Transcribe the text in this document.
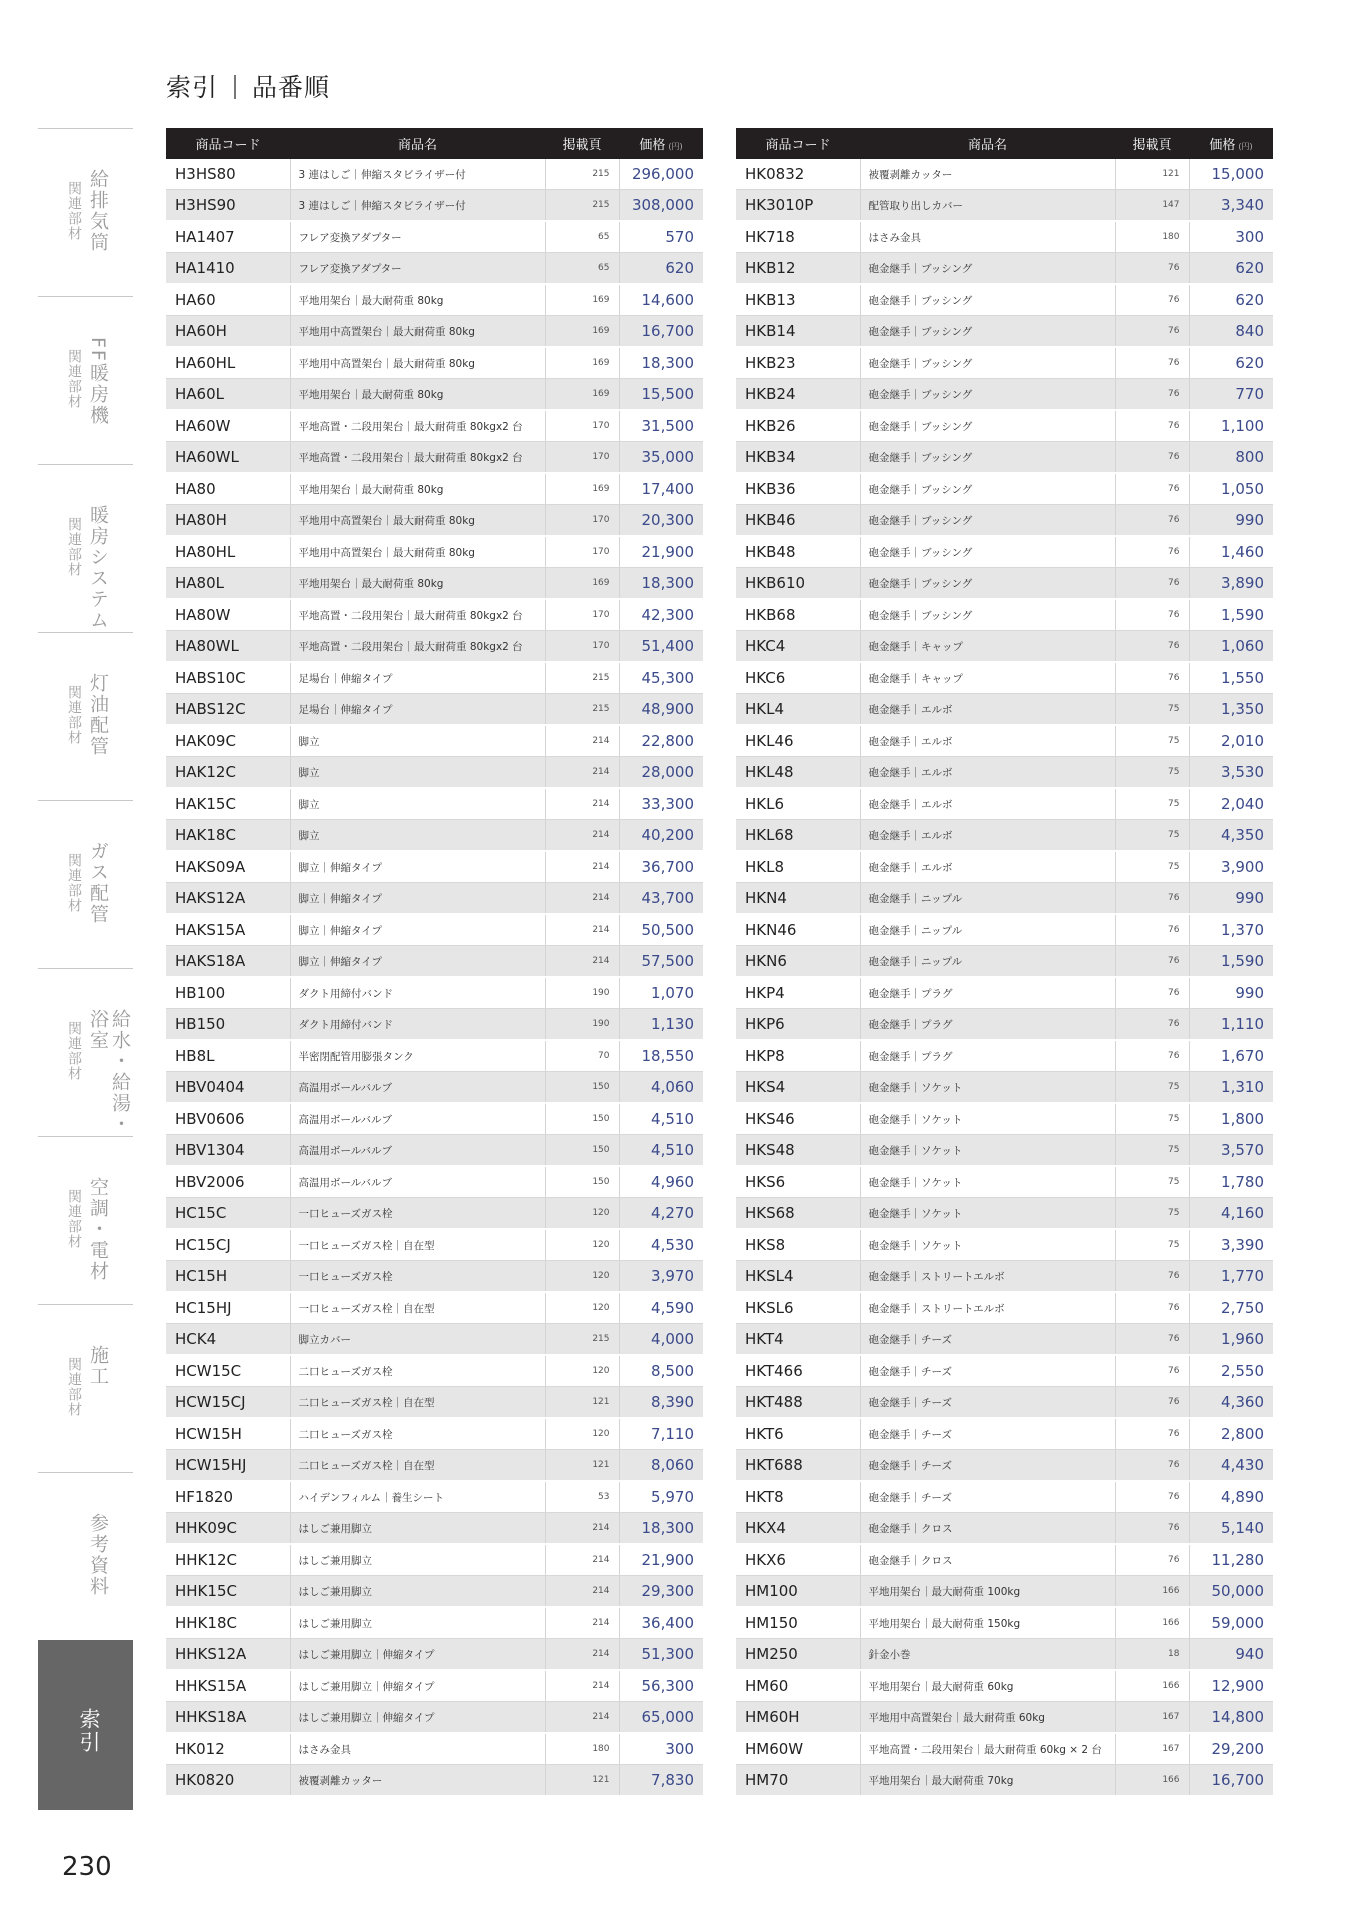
索引 品番順
給排気筒
関連部材
FF暖房機
関連部材
暖房システム
関連部材
灯油配管
関連部材
ガス配管
関連部材
給水・給湯・浴室
関連部材
空調・電材
関連部材
施工
関連部材
参考資料
索引
商品コード	商品名	掲載頁	価格 (円)
H3HS80	3 連はしご｜伸縮スタビライザー付	215	296,000
H3HS90	3 連はしご｜伸縮スタビライザー付	215	308,000
HA1407	フレア変換アダプター	65	570
HA1410	フレア変換アダプター	65	620
HA60	平地用架台｜最大耐荷重 80kg	169	14,600
HA60H	平地用中高置架台｜最大耐荷重 80kg	169	16,700
HA60HL	平地用中高置架台｜最大耐荷重 80kg	169	18,300
HA60L	平地用架台｜最大耐荷重 80kg	169	15,500
HA60W	平地高置・二段用架台｜最大耐荷重 80kgx2 台	170	31,500
HA60WL	平地高置・二段用架台｜最大耐荷重 80kgx2 台	170	35,000
HA80	平地用架台｜最大耐荷重 80kg	169	17,400
HA80H	平地用中高置架台｜最大耐荷重 80kg	170	20,300
HA80HL	平地用中高置架台｜最大耐荷重 80kg	170	21,900
HA80L	平地用架台｜最大耐荷重 80kg	169	18,300
HA80W	平地高置・二段用架台｜最大耐荷重 80kgx2 台	170	42,300
HA80WL	平地高置・二段用架台｜最大耐荷重 80kgx2 台	170	51,400
HABS10C	足場台｜伸縮タイプ	215	45,300
HABS12C	足場台｜伸縮タイプ	215	48,900
HAK09C	脚立	214	22,800
HAK12C	脚立	214	28,000
HAK15C	脚立	214	33,300
HAK18C	脚立	214	40,200
HAKS09A	脚立｜伸縮タイプ	214	36,700
HAKS12A	脚立｜伸縮タイプ	214	43,700
HAKS15A	脚立｜伸縮タイプ	214	50,500
HAKS18A	脚立｜伸縮タイプ	214	57,500
HB100	ダクト用締付バンド	190	1,070
HB150	ダクト用締付バンド	190	1,130
HB8L	半密閉配管用膨張タンク	70	18,550
HBV0404	高温用ボールバルブ	150	4,060
HBV0606	高温用ボールバルブ	150	4,510
HBV1304	高温用ボールバルブ	150	4,510
HBV2006	高温用ボールバルブ	150	4,960
HC15C	一口ヒューズガス栓	120	4,270
HC15CJ	一口ヒューズガス栓｜自在型	120	4,530
HC15H	一口ヒューズガス栓	120	3,970
HC15HJ	一口ヒューズガス栓｜自在型	120	4,590
HCK4	脚立カバー	215	4,000
HCW15C	二口ヒューズガス栓	120	8,500
HCW15CJ	二口ヒューズガス栓｜自在型	121	8,390
HCW15H	二口ヒューズガス栓	120	7,110
HCW15HJ	二口ヒューズガス栓｜自在型	121	8,060
HF1820	ハイデンフィルム｜養生シート	53	5,970
HHK09C	はしご兼用脚立	214	18,300
HHK12C	はしご兼用脚立	214	21,900
HHK15C	はしご兼用脚立	214	29,300
HHK18C	はしご兼用脚立	214	36,400
HHKS12A	はしご兼用脚立｜伸縮タイプ	214	51,300
HHKS15A	はしご兼用脚立｜伸縮タイプ	214	56,300
HHKS18A	はしご兼用脚立｜伸縮タイプ	214	65,000
HK012	はさみ金具	180	300
HK0820	被覆剥離カッター	121	7,830
商品コード	商品名	掲載頁	価格 (円)
HK0832	被覆剥離カッター	121	15,000
HK3010P	配管取り出しカバー	147	3,340
HK718	はさみ金具	180	300
HKB12	砲金継手｜ブッシング	76	620
HKB13	砲金継手｜ブッシング	76	620
HKB14	砲金継手｜ブッシング	76	840
HKB23	砲金継手｜ブッシング	76	620
HKB24	砲金継手｜ブッシング	76	770
HKB26	砲金継手｜ブッシング	76	1,100
HKB34	砲金継手｜ブッシング	76	800
HKB36	砲金継手｜ブッシング	76	1,050
HKB46	砲金継手｜ブッシング	76	990
HKB48	砲金継手｜ブッシング	76	1,460
HKB610	砲金継手｜ブッシング	76	3,890
HKB68	砲金継手｜ブッシング	76	1,590
HKC4	砲金継手｜キャップ	76	1,060
HKC6	砲金継手｜キャップ	76	1,550
HKL4	砲金継手｜エルボ	75	1,350
HKL46	砲金継手｜エルボ	75	2,010
HKL48	砲金継手｜エルボ	75	3,530
HKL6	砲金継手｜エルボ	75	2,040
HKL68	砲金継手｜エルボ	75	4,350
HKL8	砲金継手｜エルボ	75	3,900
HKN4	砲金継手｜ニップル	76	990
HKN46	砲金継手｜ニップル	76	1,370
HKN6	砲金継手｜ニップル	76	1,590
HKP4	砲金継手｜プラグ	76	990
HKP6	砲金継手｜プラグ	76	1,110
HKP8	砲金継手｜プラグ	76	1,670
HKS4	砲金継手｜ソケット	75	1,310
HKS46	砲金継手｜ソケット	75	1,800
HKS48	砲金継手｜ソケット	75	3,570
HKS6	砲金継手｜ソケット	75	1,780
HKS68	砲金継手｜ソケット	75	4,160
HKS8	砲金継手｜ソケット	75	3,390
HKSL4	砲金継手｜ストリートエルボ	76	1,770
HKSL6	砲金継手｜ストリートエルボ	76	2,750
HKT4	砲金継手｜チーズ	76	1,960
HKT466	砲金継手｜チーズ	76	2,550
HKT488	砲金継手｜チーズ	76	4,360
HKT6	砲金継手｜チーズ	76	2,800
HKT688	砲金継手｜チーズ	76	4,430
HKT8	砲金継手｜チーズ	76	4,890
HKX4	砲金継手｜クロス	76	5,140
HKX6	砲金継手｜クロス	76	11,280
HM100	平地用架台｜最大耐荷重 100kg	166	50,000
HM150	平地用架台｜最大耐荷重 150kg	166	59,000
HM250	針金小巻	18	940
HM60	平地用架台｜最大耐荷重 60kg	166	12,900
HM60H	平地用中高置架台｜最大耐荷重 60kg	167	14,800
HM60W	平地高置・二段用架台｜最大耐荷重 60kg × 2 台	167	29,200
HM70	平地用架台｜最大耐荷重 70kg	166	16,700
230
